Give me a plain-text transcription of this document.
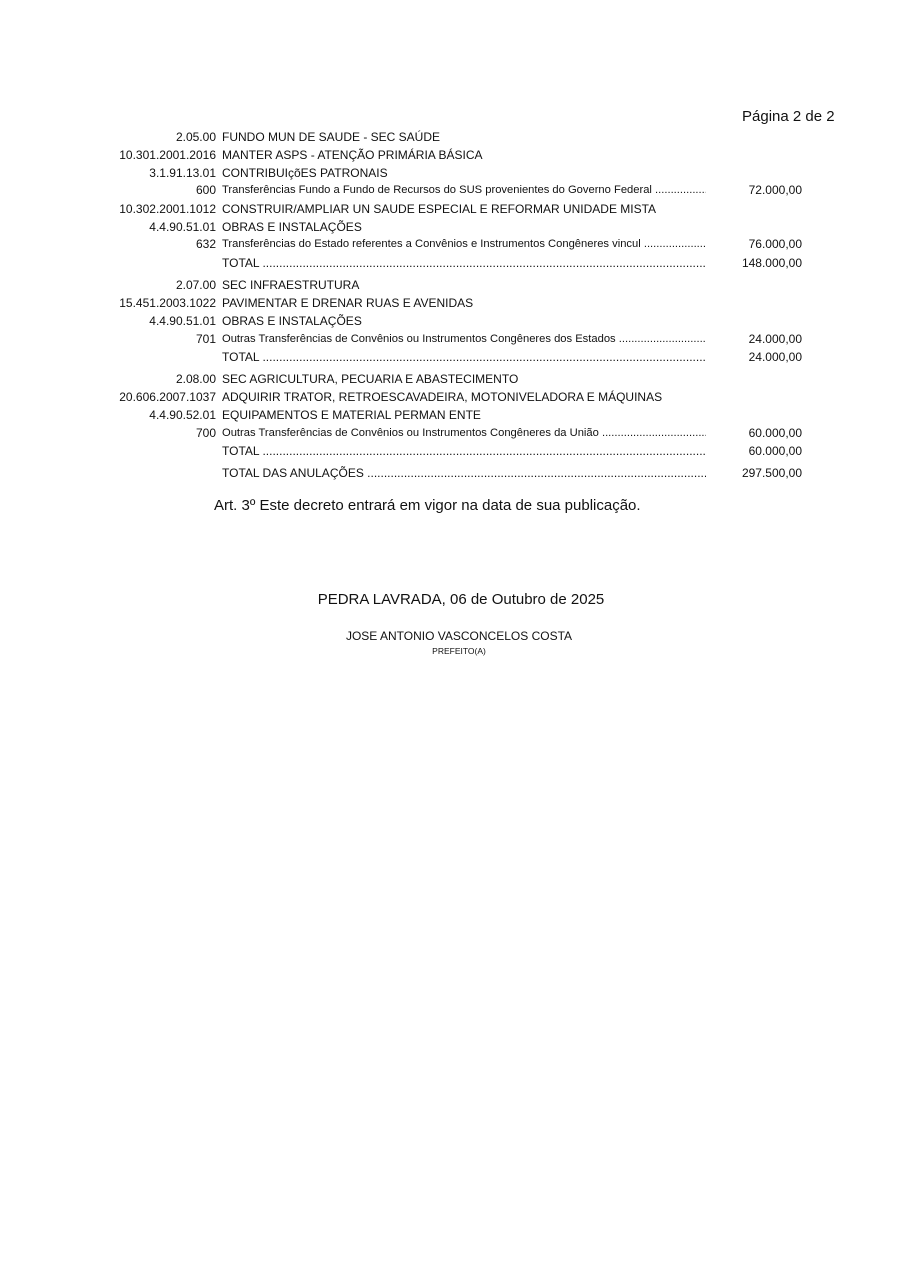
Página 2 de 2
2.05.00 FUNDO MUN DE SAUDE - SEC SAÚDE
10.301.2001.2016 MANTER ASPS - ATENÇÃO PRIMÁRIA BÁSICA
3.1.91.13.01 CONTRIBUIçõES PATRONAIS
600 Transferências Fundo a Fundo de Recursos do SUS provenientes do Governo Federal .....	72.000,00
10.302.2001.1012 CONSTRUIR/AMPLIAR UN SAUDE ESPECIAL E REFORMAR UNIDADE MISTA
4.4.90.51.01 OBRAS E INSTALAÇÕES
632 Transferências do Estado referentes a Convênios e Instrumentos Congêneres vincul .....	76.000,00
TOTAL .....	148.000,00
2.07.00 SEC INFRAESTRUTURA
15.451.2003.1022 PAVIMENTAR E DRENAR RUAS E AVENIDAS
4.4.90.51.01 OBRAS E INSTALAÇÕES
701 Outras Transferências de Convênios ou Instrumentos Congêneres dos Estados .....	24.000,00
TOTAL .....	24.000,00
2.08.00 SEC AGRICULTURA, PECUARIA E ABASTECIMENTO
20.606.2007.1037 ADQUIRIR TRATOR, RETROESCAVADEIRA, MOTONIVELADORA E MÁQUINAS
4.4.90.52.01 EQUIPAMENTOS E MATERIAL PERMAN ENTE
700 Outras Transferências de Convênios ou Instrumentos Congêneres da União .....	60.000,00
TOTAL .....	60.000,00
TOTAL DAS ANULAÇÕES .....	297.500,00
Art. 3º Este decreto entrará em vigor na data de sua publicação.
PEDRA LAVRADA, 06 de Outubro de 2025
JOSE ANTONIO VASCONCELOS COSTA
PREFEITO(A)
